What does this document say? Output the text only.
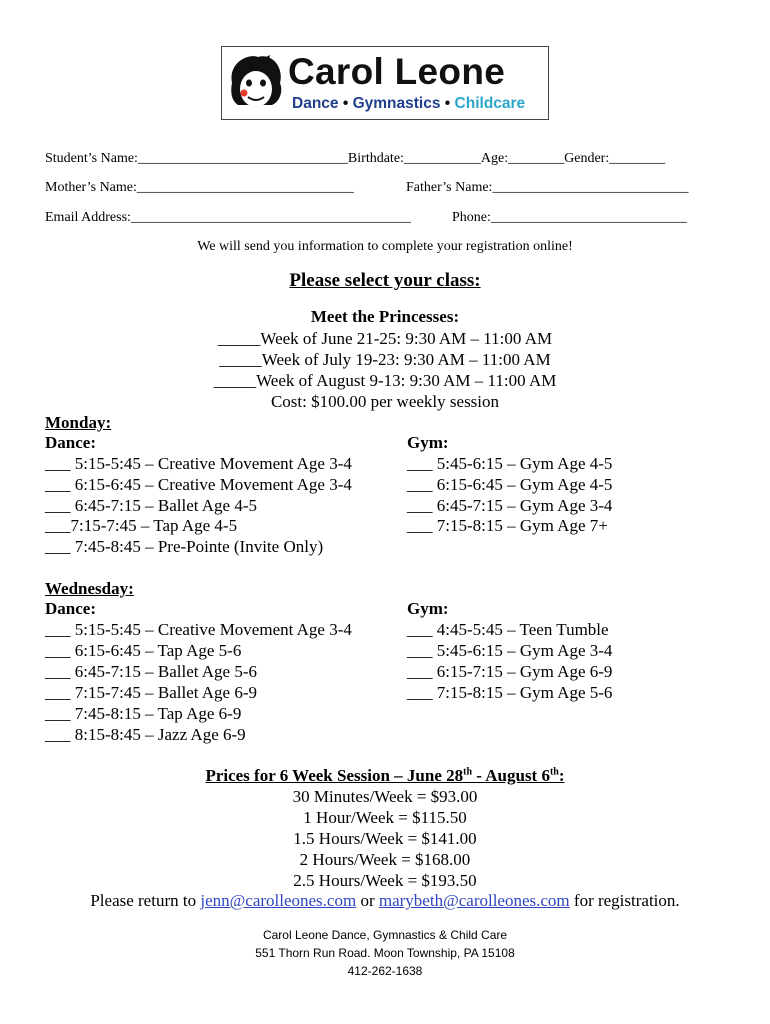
Carol Leone
Dance • Gymnastics • Childcare
Student’s Name:______________________________Birthdate:___________Age:________Gender:________
Mother’s Name:_______________________________	Father’s Name:____________________________
Email Address:________________________________________	Phone:____________________________
We will send you information to complete your registration online!
Please select your class:
Meet the Princesses:
_____Week of June 21-25: 9:30 AM – 11:00 AM
_____Week of July 19-23: 9:30 AM – 11:00 AM
_____Week of August 9-13: 9:30 AM – 11:00 AM
Cost: $100.00 per weekly session
Monday:
Dance:
___ 5:15-5:45 – Creative Movement Age 3-4
___ 6:15-6:45 – Creative Movement Age 3-4
___ 6:45-7:15 – Ballet Age 4-5
___7:15-7:45 – Tap Age 4-5
___ 7:45-8:45 – Pre-Pointe (Invite Only)
Gym:
___ 5:45-6:15 – Gym Age 4-5
___ 6:15-6:45 – Gym Age 4-5
___ 6:45-7:15 – Gym Age 3-4
___ 7:15-8:15 – Gym Age 7+
Wednesday:
Dance:
___ 5:15-5:45 – Creative Movement Age 3-4
___ 6:15-6:45 – Tap Age 5-6
___ 6:45-7:15 – Ballet Age 5-6
___ 7:15-7:45 – Ballet Age 6-9
___ 7:45-8:15 – Tap Age 6-9
___ 8:15-8:45 – Jazz Age 6-9
Gym:
___ 4:45-5:45 – Teen Tumble
___ 5:45-6:15 – Gym Age 3-4
___ 6:15-7:15 – Gym Age 6-9
___ 7:15-8:15 – Gym Age 5-6
Prices for 6 Week Session – June 28th - August 6th:
30 Minutes/Week = $93.00
1 Hour/Week = $115.50
1.5 Hours/Week = $141.00
2 Hours/Week = $168.00
2.5 Hours/Week = $193.50
Please return to jenn@carolleones.com or marybeth@carolleones.com for registration.
Carol Leone Dance, Gymnastics & Child Care
551 Thorn Run Road. Moon Township, PA 15108
412-262-1638
